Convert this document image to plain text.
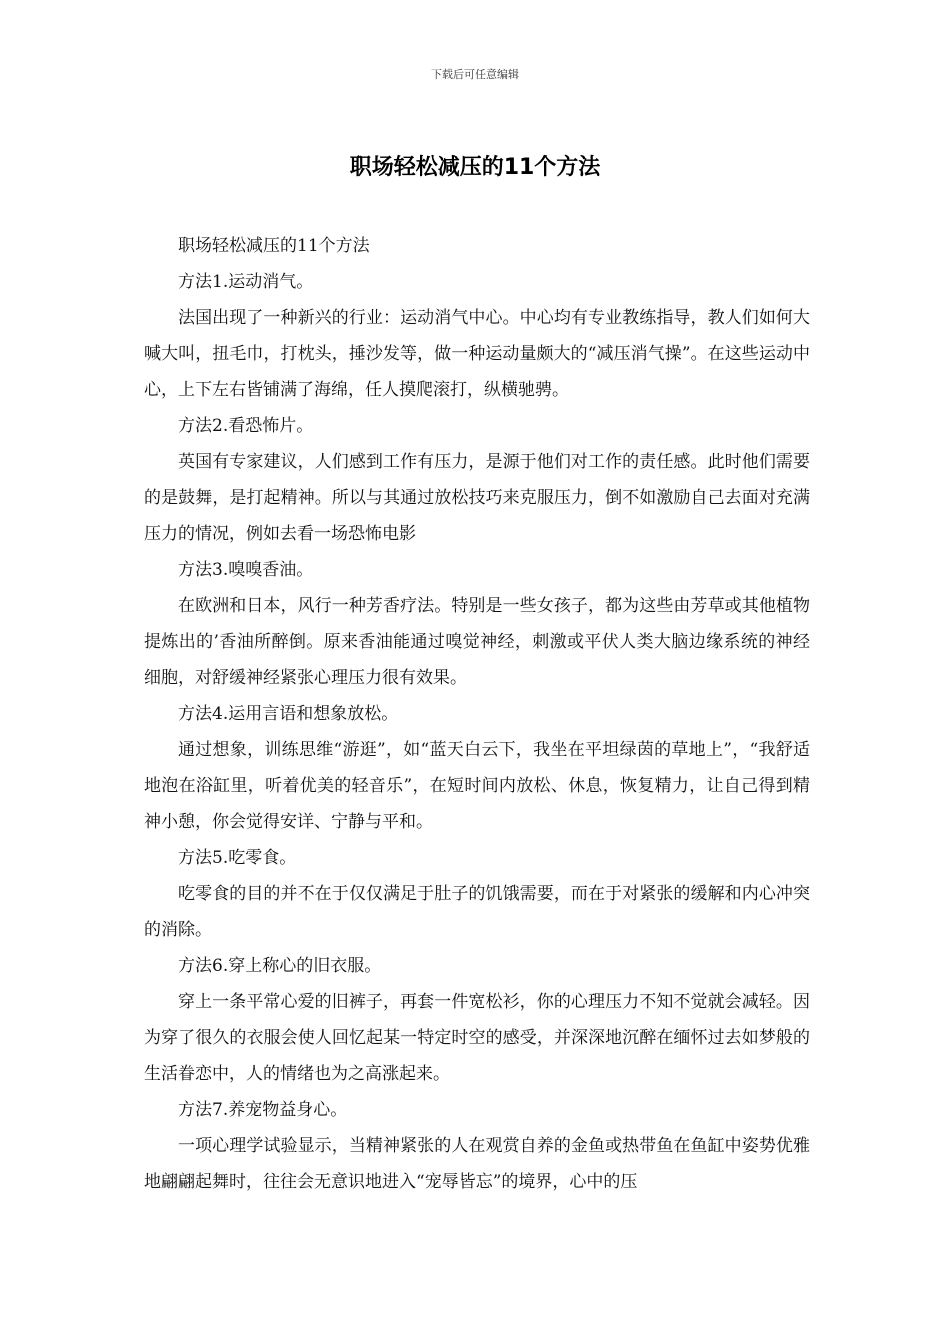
下载后可任意编辑
职场轻松减压的11个方法

职场轻松减压的11个方法

方法1.运动消气。

法国出现了一种新兴的行业：运动消气中心。中心均有专业教练指导，教人们如何大喊大叫，扭毛巾，打枕头，捶沙发等，做一种运动量颇大的“减压消气操”。在这些运动中心，上下左右皆铺满了海绵，任人摸爬滚打，纵横驰骋。

方法2.看恐怖片。

英国有专家建议，人们感到工作有压力，是源于他们对工作的责任感。此时他们需要的是鼓舞，是打起精神。所以与其通过放松技巧来克服压力，倒不如激励自己去面对充满压力的情况，例如去看一场恐怖电影

方法3.嗅嗅香油。

在欧洲和日本，风行一种芳香疗法。特别是一些女孩子，都为这些由芳草或其他植物提炼出的’香油所醉倒。原来香油能通过嗅觉神经，刺激或平伏人类大脑边缘系统的神经细胞，对舒缓神经紧张心理压力很有效果。

方法4.运用言语和想象放松。

通过想象，训练思维“游逛”，如“蓝天白云下，我坐在平坦绿茵的草地上”，“我舒适地泡在浴缸里，听着优美的轻音乐”，在短时间内放松、休息，恢复精力，让自己得到精神小憩，你会觉得安详、宁静与平和。

方法5.吃零食。

吃零食的目的并不在于仅仅满足于肚子的饥饿需要，而在于对紧张的缓解和内心冲突的消除。

方法6.穿上称心的旧衣服。

穿上一条平常心爱的旧裤子，再套一件宽松衫，你的心理压力不知不觉就会减轻。因为穿了很久的衣服会使人回忆起某一特定时空的感受，并深深地沉醉在缅怀过去如梦般的生活眷恋中，人的情绪也为之高涨起来。

方法7.养宠物益身心。

一项心理学试验显示，当精神紧张的人在观赏自养的金鱼或热带鱼在鱼缸中姿势优雅地翩翩起舞时，往往会无意识地进入“宠辱皆忘”的境界，心中的压
